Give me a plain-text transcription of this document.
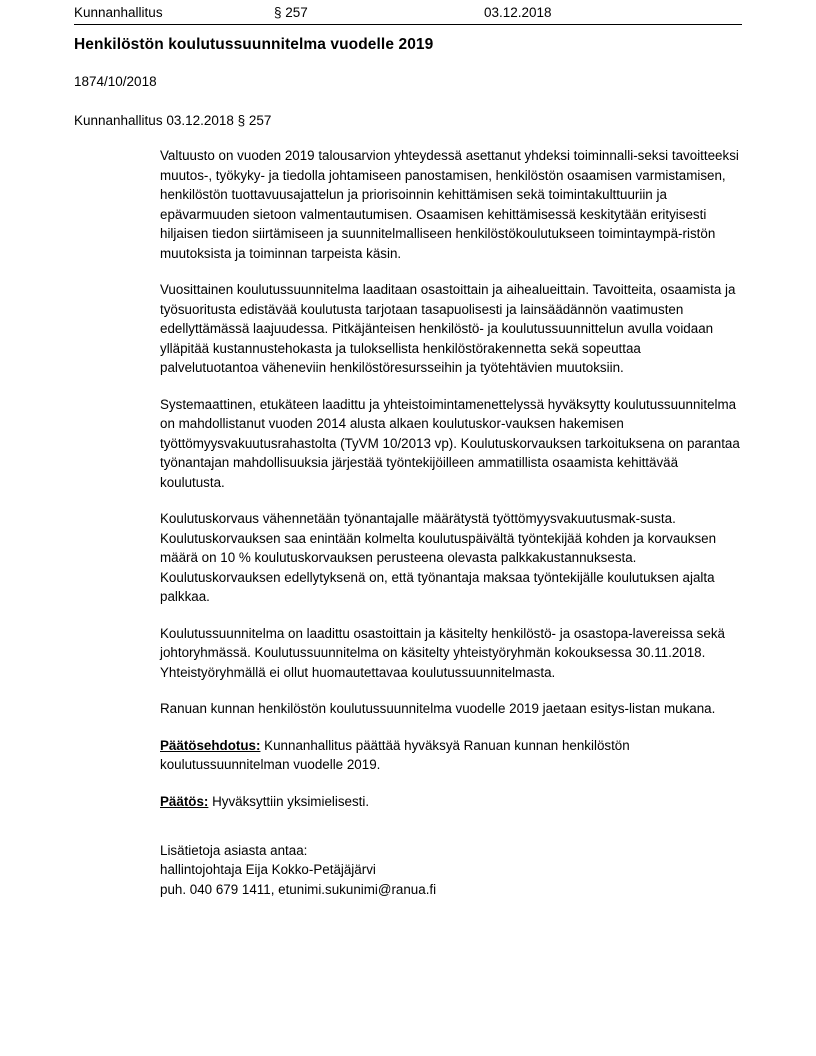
Kunnanhallitus	§ 257	03.12.2018
Henkilöstön koulutussuunnitelma vuodelle 2019
1874/10/2018
Kunnanhallitus 03.12.2018 § 257

Valtuusto on vuoden 2019 talousarvion yhteydessä asettanut yhdeksi toiminnalli-seksi tavoitteeksi muutos-, työkyky- ja tiedolla johtamiseen panostamisen, henkilöstön osaamisen varmistamisen, henkilöstön tuottavuusajattelun ja priorisoinnin kehittämisen sekä toimintakulttuuriin ja epävarmuuden sietoon valmentautumisen. Osaamisen kehittämisessä keskitytään erityisesti hiljaisen tiedon siirtämiseen ja suunnitelmalliseen henkilöstökoulutukseen toimintaympä-ristön muutoksista ja toiminnan tarpeista käsin.

Vuosittainen koulutussuunnitelma laaditaan osastoittain ja aihealueittain. Tavoitteita, osaamista ja työsuoritusta edistävää koulutusta tarjotaan tasapuolisesti ja lainsäädännön vaatimusten edellyttämässä laajuudessa. Pitkäjänteisen henkilöstö- ja koulutussuunnittelun avulla voidaan ylläpitää kustannustehokasta ja tuloksellista henkilöstörakennetta sekä sopeuttaa palvelutuotantoa väheneviin henkilöstöresursseihin ja työtehtävien muutoksiin.

Systemaattinen, etukäteen laadittu ja yhteistoimintamenettelyssä hyväksytty koulutussuunnitelma on mahdollistanut vuoden 2014 alusta alkaen koulutuskor-vauksen hakemisen työttömyysvakuutusrahastolta (TyVM 10/2013 vp). Koulutuskorvauksen tarkoituksena on parantaa työnantajan mahdollisuuksia järjestää työntekijöilleen ammatillista osaamista kehittävää koulutusta.

Koulutuskorvaus vähennetään työnantajalle määrätystä työttömyysvakuutusmak-susta. Koulutuskorvauksen saa enintään kolmelta koulutuspäivältä työntekijää kohden ja korvauksen määrä on 10 % koulutuskorvauksen perusteena olevasta palkkakustannuksesta. Koulutuskorvauksen edellytyksenä on, että työnantaja maksaa työntekijälle koulutuksen ajalta palkkaa.

Koulutussuunnitelma on laadittu osastoittain ja käsitelty henkilöstö- ja osastopa-lavereissa sekä johtoryhmässä. Koulutussuunnitelma on käsitelty yhteistyöryhmän kokouksessa 30.11.2018. Yhteistyöryhmällä ei ollut huomautettavaa koulutussuunnitelmasta.

Ranuan kunnan henkilöstön koulutussuunnitelma vuodelle 2019 jaetaan esitys-listan mukana.

Päätösehdotus: Kunnanhallitus päättää hyväksyä Ranuan kunnan henkilöstön koulutussuunnitelman vuodelle 2019.

Päätös: Hyväksyttiin yksimielisesti.

Lisätietoja asiasta antaa:
hallintojohtaja Eija Kokko-Petäjäjärvi
puh. 040 679 1411, etunimi.sukunimi@ranua.fi
